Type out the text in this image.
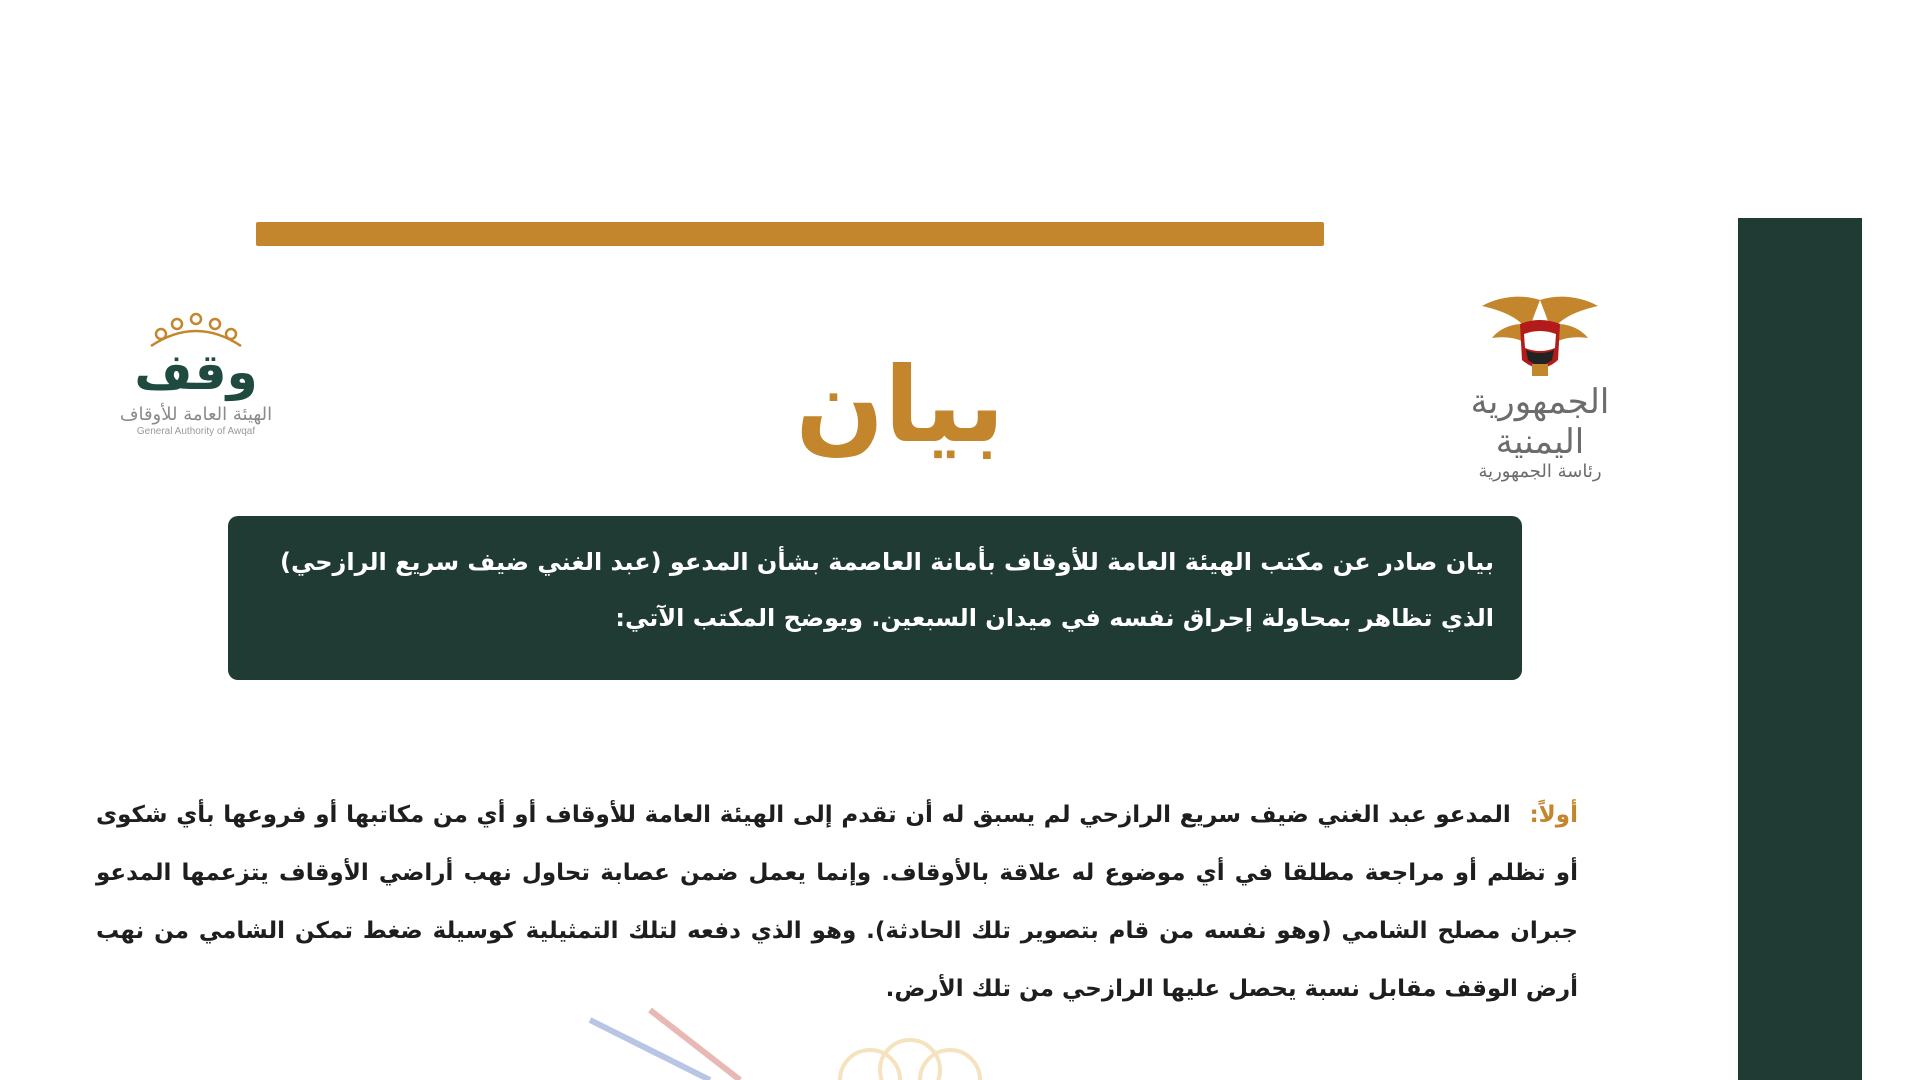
الجمهورية اليمنية
رئاسة الجمهورية
وقف
الهيئة العامة للأوقاف
General Authority of Awqaf	بيان
بيان صادر عن مكتب الهيئة العامة للأوقاف بأمانة العاصمة بشأن المدعو (عبد الغني ضيف سريع الرازحي) الذي تظاهر بمحاولة إحراق نفسه في ميدان السبعين. ويوضح المكتب الآتي:
أولاً: المدعو عبد الغني ضيف سريع الرازحي لم يسبق له أن تقدم إلى الهيئة العامة للأوقاف أو أي من مكاتبها أو فروعها بأي شكوى أو تظلم أو مراجعة مطلقا في أي موضوع له علاقة بالأوقاف. وإنما يعمل ضمن عصابة تحاول نهب أراضي الأوقاف يتزعمها المدعو جبران مصلح الشامي (وهو نفسه من قام بتصوير تلك الحادثة). وهو الذي دفعه لتلك التمثيلية كوسيلة ضغط تمكن الشامي من نهب أرض الوقف مقابل نسبة يحصل عليها الرازحي من تلك الأرض.
